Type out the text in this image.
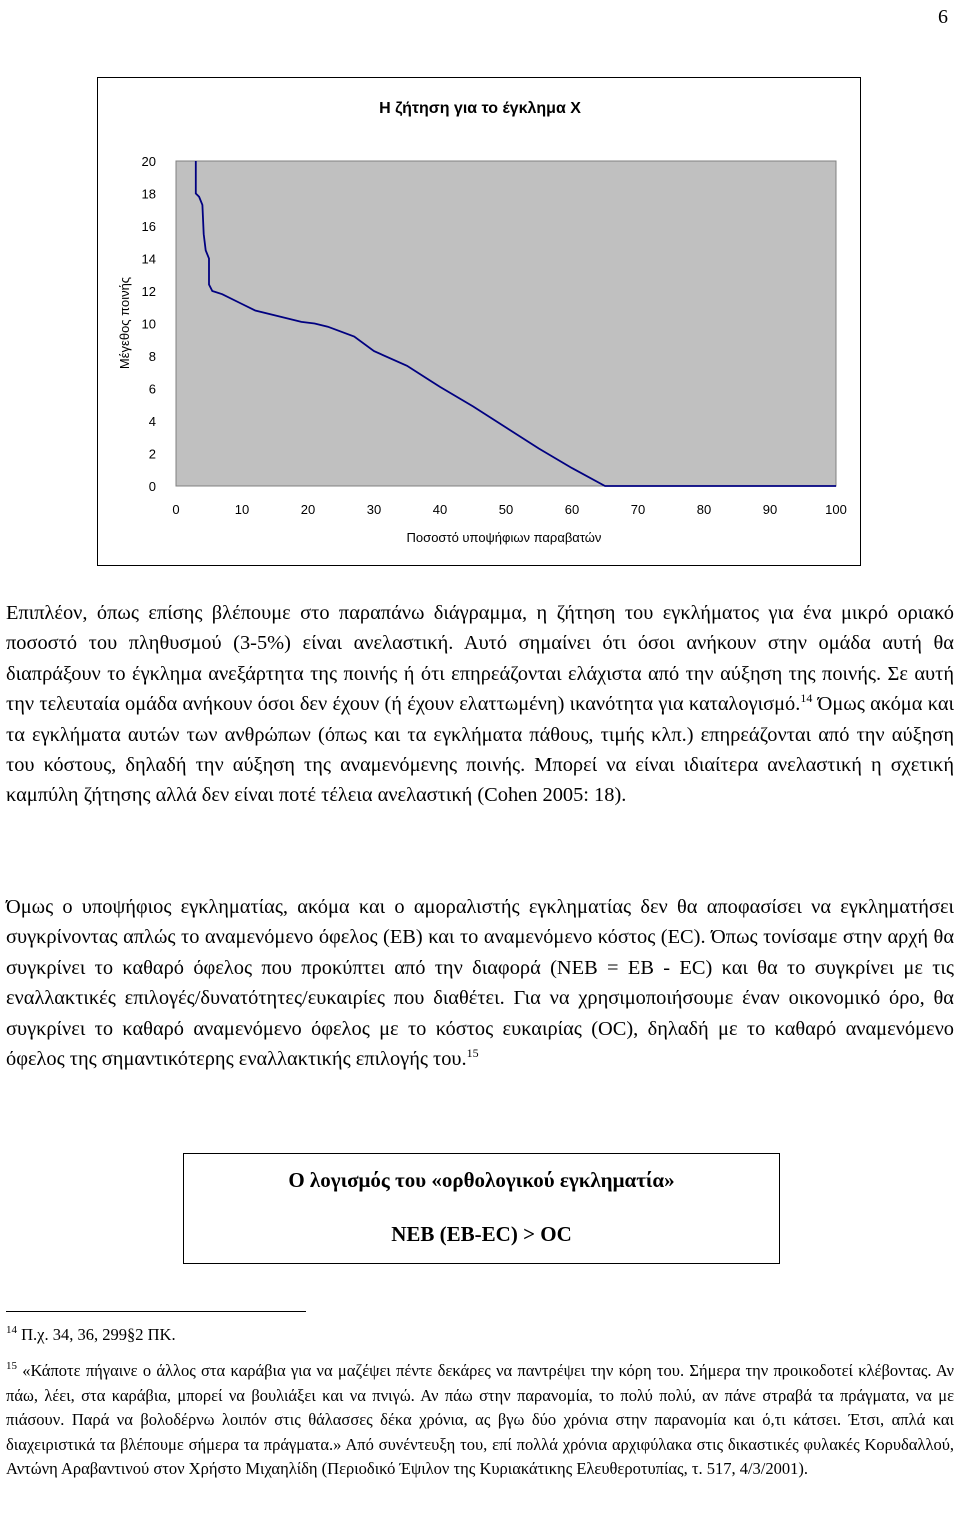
6
Η ζήτηση για το έγκλημα Χ
0
2
4
6
8
10
12
14
16
18
20
0	10	20	30	40	50	60	70	80	90	100
Ποσοστό υποψήφιων παραβατών
Μέγεθος ποινής

Επιπλέον, όπως επίσης βλέπουμε στο παραπάνω διάγραμμα, η ζήτηση του εγκλήματος για ένα μικρό οριακό ποσοστό του πληθυσμού (3-5%) είναι ανελαστική. Αυτό σημαίνει ότι όσοι ανήκουν στην ομάδα αυτή θα διαπράξουν το έγκλημα ανεξάρτητα της ποινής ή ότι επηρεάζονται ελάχιστα από την αύξηση της ποινής. Σε αυτή την τελευταία ομάδα ανήκουν όσοι δεν έχουν (ή έχουν ελαττωμένη) ικανότητα για καταλογισμό.$^{14}$ Όμως ακόμα και τα εγκλήματα αυτών των ανθρώπων (όπως και τα εγκλήματα πάθους, τιμής κλπ.) επηρεάζονται από την αύξηση του κόστους, δηλαδή την αύξηση της αναμενόμενης ποινής. Μπορεί να είναι ιδιαίτερα ανελαστική η σχετική καμπύλη ζήτησης αλλά δεν είναι ποτέ τέλεια ανελαστική (Cohen 2005: 18).

Όμως ο υποψήφιος εγκληματίας, ακόμα και ο αμοραλιστής εγκληματίας δεν θα αποφασίσει να εγκληματήσει συγκρίνοντας απλώς το αναμενόμενο όφελος (ΕΒ) και το αναμενόμενο κόστος (ΕC). Όπως τονίσαμε στην αρχή θα συγκρίνει το καθαρό όφελος που προκύπτει από την διαφορά (ΝΕΒ = ΕΒ - ΕC) και θα το συγκρίνει με τις εναλλακτικές επιλογές/δυνατότητες/ευκαιρίες που διαθέτει. Για να χρησιμοποιήσουμε έναν οικονομικό όρο, θα συγκρίνει το καθαρό αναμενόμενο όφελος με το κόστος ευκαιρίας (ΟC), δηλαδή με το καθαρό αναμενόμενο όφελος της σημαντικότερης εναλλακτικής επιλογής του.$^{15}$

Ο λογισμός του «ορθολογικού εγκληματία»
ΝΕΒ (ΕΒ-ΕC) > ΟC

$^{14}$ Π.χ. 34, 36, 299§2 ΠΚ.

$^{15}$ «Κάποτε πήγαινε ο άλλος στα καράβια για να μαζέψει πέντε δεκάρες να παντρέψει την κόρη του. Σήμερα την προικοδοτεί κλέβοντας. Αν πάω, λέει, στα καράβια, μπορεί να βουλιάξει και να πνιγώ. Αν πάω στην παρανομία, το πολύ πολύ, αν πάνε στραβά τα πράγματα, να με πιάσουν. Παρά να βολοδέρνω λοιπόν στις θάλασσες δέκα χρόνια, ας βγω δύο χρόνια στην παρανομία και ό,τι κάτσει. Έτσι, απλά και διαχειριστικά τα βλέπουμε σήμερα τα πράγματα.» Από συνέντευξη του, επί πολλά χρόνια αρχιφύλακα στις δικαστικές φυλακές Κορυδαλλού, Αντώνη Αραβαντινού στον Χρήστο Μιχαηλίδη (Περιοδικό Έψιλον της Κυριακάτικης Ελευθεροτυπίας, τ. 517, 4/3/2001).
